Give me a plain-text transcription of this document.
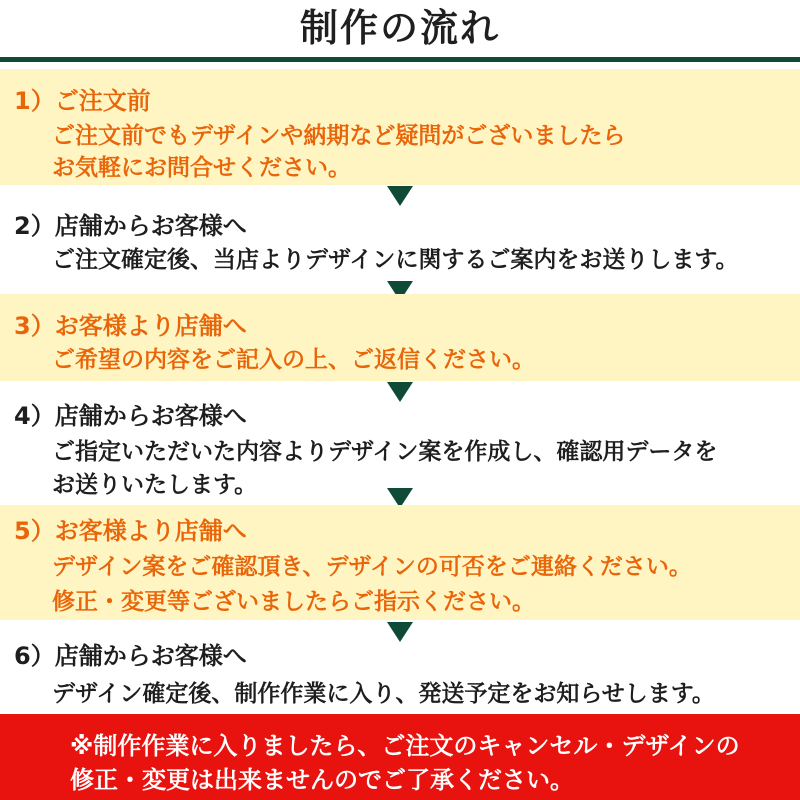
制作の流れ
1）ご注文前
ご注文前でもデザインや納期など疑問がございましたら
お気軽にお問合せください。
2）店舗からお客様へ
ご注文確定後、当店よりデザインに関するご案内をお送りします。
3）お客様より店舗へ
ご希望の内容をご記入の上、ご返信ください。
4）店舗からお客様へ
ご指定いただいた内容よりデザイン案を作成し、確認用データを
お送りいたします。
5）お客様より店舗へ
デザイン案をご確認頂き、デザインの可否をご連絡ください。
修正・変更等ございましたらご指示ください。
6）店舗からお客様へ
デザイン確定後、制作作業に入り、発送予定をお知らせします。
※制作作業に入りましたら、ご注文のキャンセル・デザインの
修正・変更は出来ませんのでご了承ください。
